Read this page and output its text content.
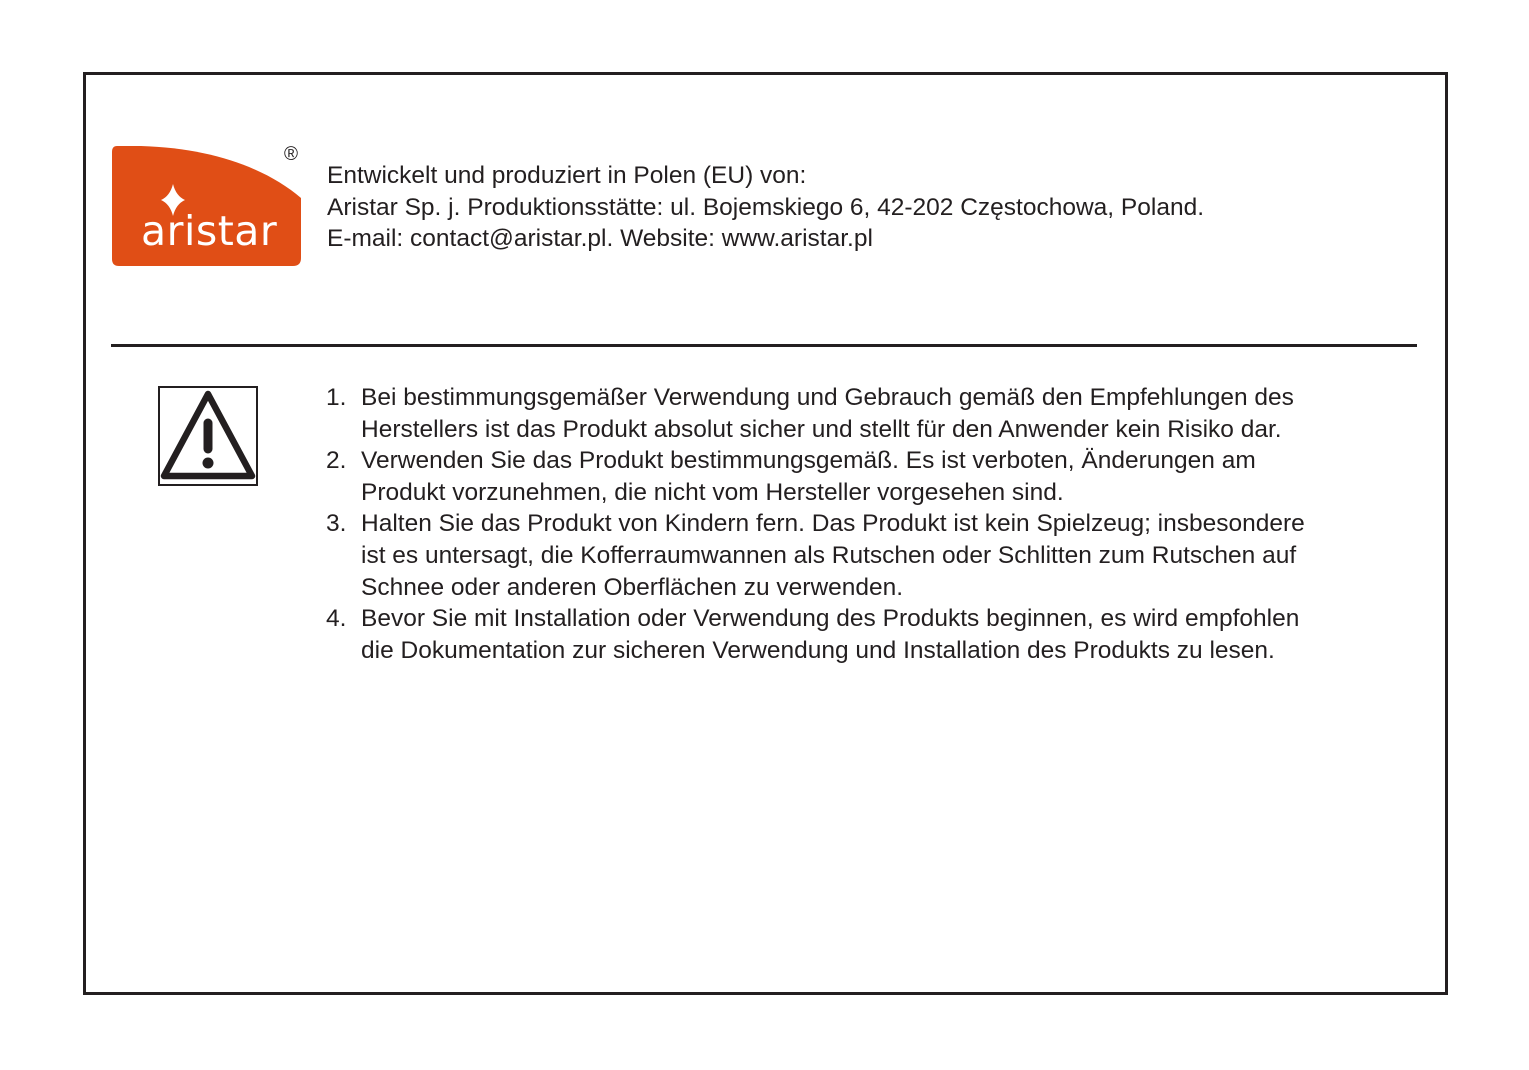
aristar
®
Entwickelt und produziert in Polen (EU) von:
Aristar Sp. j. Produktionsstätte: ul. Bojemskiego 6, 42-202 Częstochowa, Poland.
E-mail: contact@aristar.pl. Website: www.aristar.pl
1. Bei bestimmungsgemäßer Verwendung und Gebrauch gemäß den Empfehlungen des
Herstellers ist das Produkt absolut sicher und stellt für den Anwender kein Risiko dar.
2. Verwenden Sie das Produkt bestimmungsgemäß. Es ist verboten, Änderungen am
Produkt vorzunehmen, die nicht vom Hersteller vorgesehen sind.
3. Halten Sie das Produkt von Kindern fern. Das Produkt ist kein Spielzeug; insbesondere
ist es untersagt, die Kofferraumwannen als Rutschen oder Schlitten zum Rutschen auf
Schnee oder anderen Oberflächen zu verwenden.
4. Bevor Sie mit Installation oder Verwendung des Produkts beginnen, es wird empfohlen
die Dokumentation zur sicheren Verwendung und Installation des Produkts zu lesen.
